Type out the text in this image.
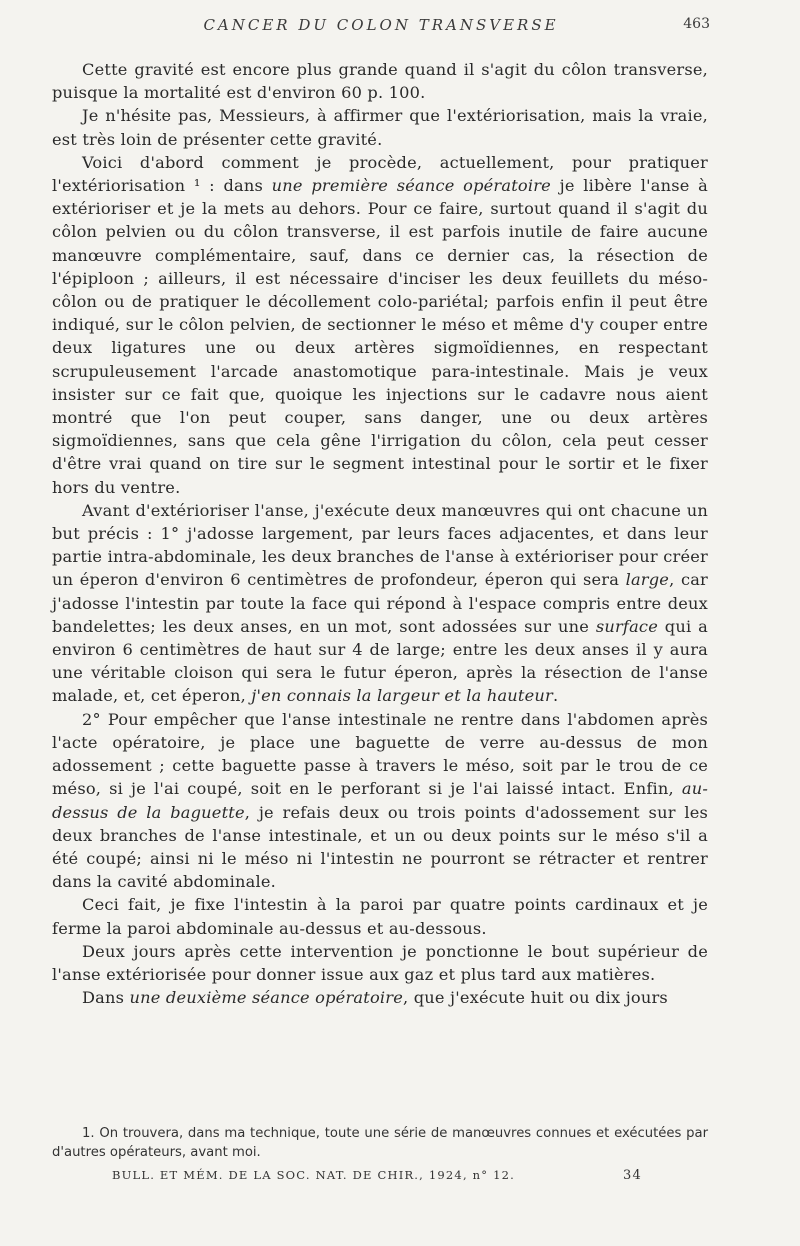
CANCER DU COLON TRANSVERSE	463

Cette gravité est encore plus grande quand il s'agit du côlon transverse, puisque la mortalité est d'environ 60 p. 100.

Je n'hésite pas, Messieurs, à affirmer que l'extériorisation, mais la vraie, est très loin de présenter cette gravité.

Voici d'abord comment je procède, actuellement, pour pratiquer l'extériorisation ¹ : dans une première séance opératoire je libère l'anse à extérioriser et je la mets au dehors. Pour ce faire, surtout quand il s'agit du côlon pelvien ou du côlon transverse, il est parfois inutile de faire aucune manœuvre complémentaire, sauf, dans ce dernier cas, la résection de l'épiploon ; ailleurs, il est nécessaire d'inciser les deux feuillets du méso-côlon ou de pratiquer le décollement colo-pariétal; parfois enfin il peut être indiqué, sur le côlon pelvien, de sectionner le méso et même d'y couper entre deux ligatures une ou deux artères sigmoïdiennes, en respectant scrupuleusement l'arcade anastomotique para-intestinale. Mais je veux insister sur ce fait que, quoique les injections sur le cadavre nous aient montré que l'on peut couper, sans danger, une ou deux artères sigmoïdiennes, sans que cela gêne l'irrigation du côlon, cela peut cesser d'être vrai quand on tire sur le segment intestinal pour le sortir et le fixer hors du ventre.

Avant d'extérioriser l'anse, j'exécute deux manœuvres qui ont chacune un but précis : 1° j'adosse largement, par leurs faces adjacentes, et dans leur partie intra-abdominale, les deux branches de l'anse à extérioriser pour créer un éperon d'environ 6 centimètres de profondeur, éperon qui sera large, car j'adosse l'intestin par toute la face qui répond à l'espace compris entre deux bandelettes; les deux anses, en un mot, sont adossées sur une surface qui a environ 6 centimètres de haut sur 4 de large; entre les deux anses il y aura une véritable cloison qui sera le futur éperon, après la résection de l'anse malade, et, cet éperon, j'en connais la largeur et la hauteur.

2° Pour empêcher que l'anse intestinale ne rentre dans l'abdomen après l'acte opératoire, je place une baguette de verre au-dessus de mon adossement ; cette baguette passe à travers le méso, soit par le trou de ce méso, si je l'ai coupé, soit en le perforant si je l'ai laissé intact. Enfin, au-dessus de la baguette, je refais deux ou trois points d'adossement sur les deux branches de l'anse intestinale, et un ou deux points sur le méso s'il a été coupé; ainsi ni le méso ni l'intestin ne pourront se rétracter et rentrer dans la cavité abdominale.

Ceci fait, je fixe l'intestin à la paroi par quatre points cardinaux et je ferme la paroi abdominale au-dessus et au-dessous.

Deux jours après cette intervention je ponctionne le bout supérieur de l'anse extériorisée pour donner issue aux gaz et plus tard aux matières.

Dans une deuxième séance opératoire, que j'exécute huit ou dix jours

1. On trouvera, dans ma technique, toute une série de manœuvres connues et exécutées par d'autres opérateurs, avant moi.
BULL. ET MÉM. DE LA SOC. NAT. DE CHIR., 1924, n° 12.	34
